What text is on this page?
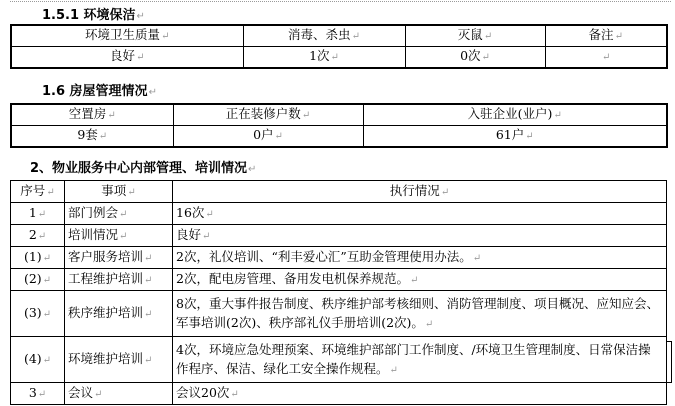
1.5.1 环境保洁↵
环境卫生质量↵	消毒、杀虫↵	灭鼠↵	备注↵
良好↵	1次↵	0次↵	↵
1.6 房屋管理情况↵
空置房↵	正在装修户数↵	入驻企业(业户)↵
9套↵	0户↵	61户↵
2、物业服务中心内部管理、培训情况↵
序号↵	事项↵	执行情况↵
1↵	部门例会↵	16次↵
2↵	培训情况↵	良好↵
(1)↵	客户服务培训↵	2次，礼仪培训、“利丰爱心汇”互助金管理使用办法。↵
(2)↵	工程维护培训↵	2次，配电房管理、备用发电机保养规范。↵
(3)↵	秩序维护培训↵	8次，重大事件报告制度、秩序维护部考核细则、消防管理制度、项目概况、应知应会、军事培训(2次)、秩序部礼仪手册培训(2次)。↵
(4)↵	环境维护培训↵	4次，环境应急处理预案、环境维护部部门工作制度、/环境卫生管理制度、日常保洁操作程序、保洁、绿化工安全操作规程。↵
3↵	会议↵	会议20次↵
